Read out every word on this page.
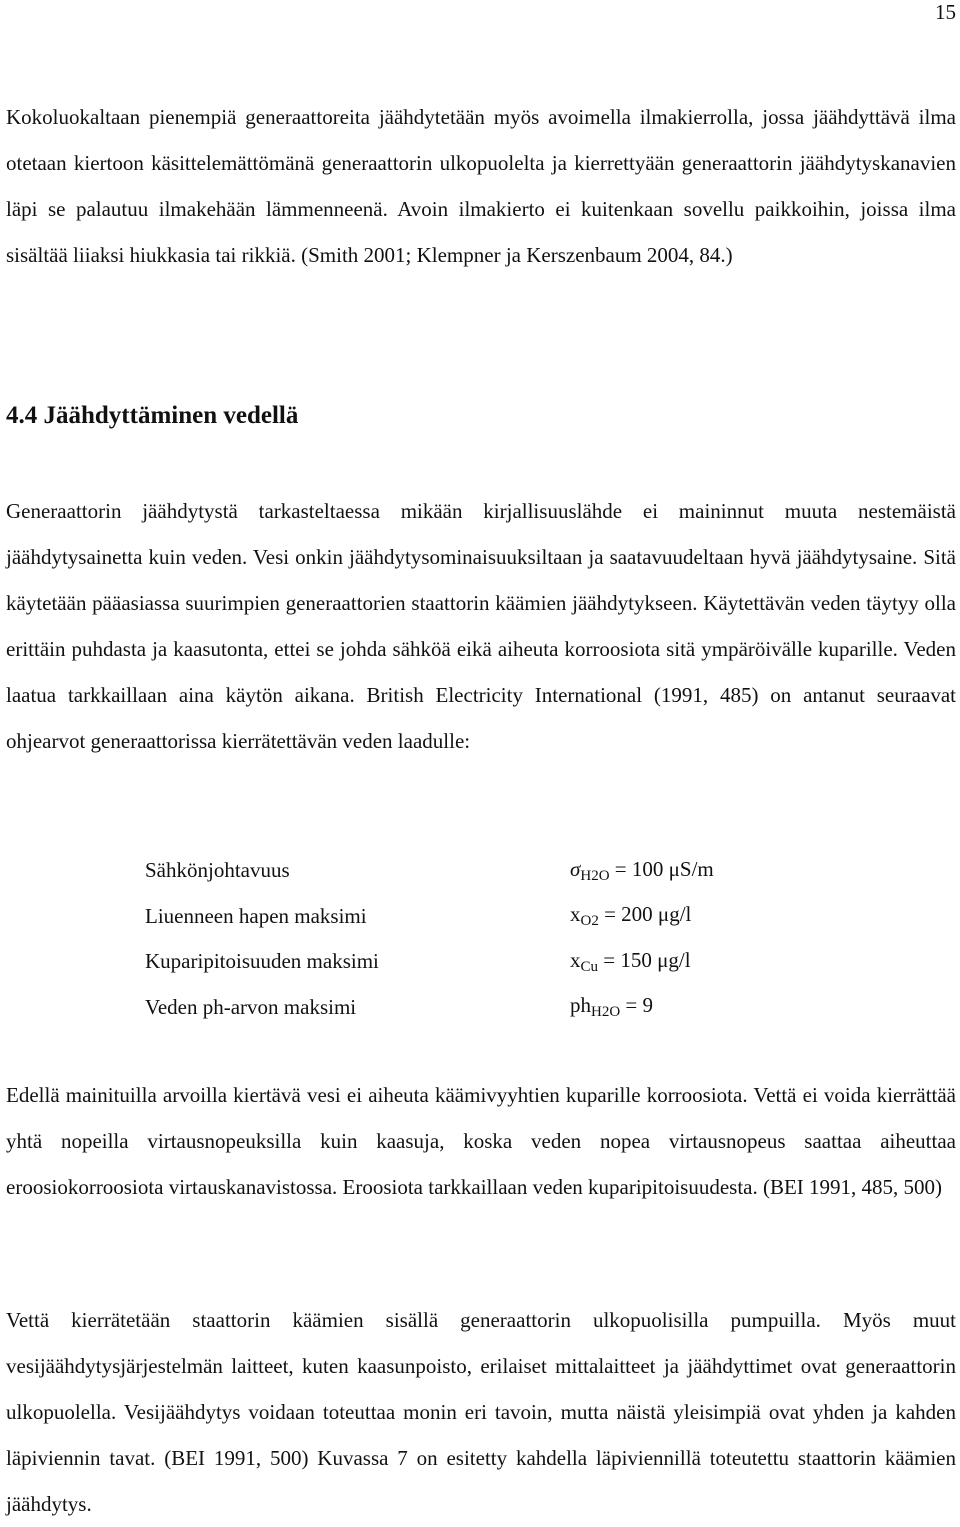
15

Kokoluokaltaan pienempiä generaattoreita jäähdytetään myös avoimella ilmakierrolla, jossa jäähdyttävä ilma otetaan kiertoon käsittelemättömänä generaattorin ulkopuolelta ja kierrettyään generaattorin jäähdytyskanavien läpi se palautuu ilmakehään lämmenneenä. Avoin ilmakierto ei kuitenkaan sovellu paikkoihin, joissa ilma sisältää liiaksi hiukkasia tai rikkiä. (Smith 2001; Klempner ja Kerszenbaum 2004, 84.)

4.4 Jäähdyttäminen vedellä

Generaattorin jäähdytystä tarkasteltaessa mikään kirjallisuuslähde ei maininnut muuta nestemäistä jäähdytysainetta kuin veden. Vesi onkin jäähdytysominaisuuksiltaan ja saatavuudeltaan hyvä jäähdytysaine. Sitä käytetään pääasiassa suurimpien generaattorien staattorin käämien jäähdytykseen. Käytettävän veden täytyy olla erittäin puhdasta ja kaasutonta, ettei se johda sähköä eikä aiheuta korroosiota sitä ympäröivälle kuparille. Veden laatua tarkkaillaan aina käytön aikana. British Electricity International (1991, 485) on antanut seuraavat ohjearvot generaattorissa kierrätettävän veden laadulle:

Sähkönjohtavuus	σH2O = 100 μS/m
Liuenneen hapen maksimi	xO2 = 200 μg/l
Kuparipitoisuuden maksimi	xCu = 150 μg/l
Veden ph-arvon maksimi	phH2O = 9

Edellä mainituilla arvoilla kiertävä vesi ei aiheuta käämivyyhtien kuparille korroosiota. Vettä ei voida kierrättää yhtä nopeilla virtausnopeuksilla kuin kaasuja, koska veden nopea virtausnopeus saattaa aiheuttaa eroosiokorroosiota virtauskanavistossa. Eroosiota tarkkaillaan veden kuparipitoisuudesta. (BEI 1991, 485, 500)

Vettä kierrätetään staattorin käämien sisällä generaattorin ulkopuolisilla pumpuilla. Myös muut vesijäähdytysjärjestelmän laitteet, kuten kaasunpoisto, erilaiset mittalaitteet ja jäähdyttimet ovat generaattorin ulkopuolella. Vesijäähdytys voidaan toteuttaa monin eri tavoin, mutta näistä yleisimpiä ovat yhden ja kahden läpiviennin tavat. (BEI 1991, 500) Kuvassa 7 on esitetty kahdella läpiviennillä toteutettu staattorin käämien jäähdytys.
